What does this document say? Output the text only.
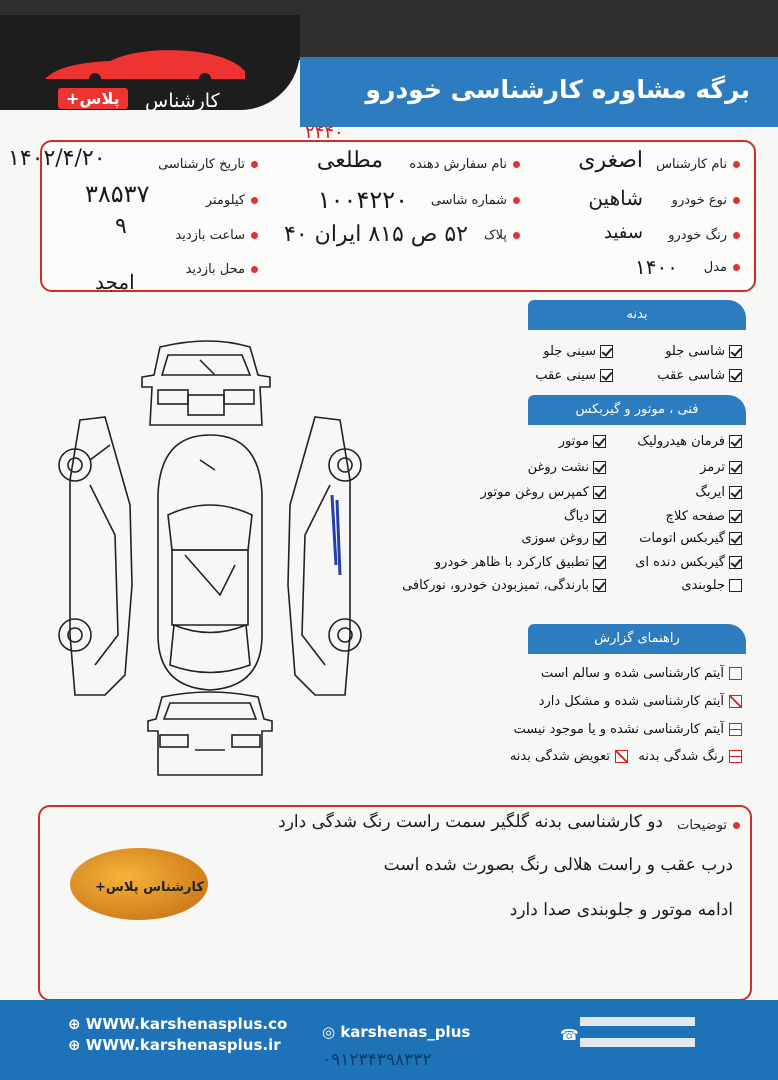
کارشناس
پلاس+	برگه مشاوره کارشناسی خودرو
نام کارشناس
نوع خودرو
رنگ خودرو
مدل
اصغری
شاهین
سفید
۱۴۰۰
نام سفارش دهنده
شماره شاسی
پلاک
۲۴۴۰
مطلعی
۱۰۰۴۲۲۰
۵۲ ص ۸۱۵ ایران ۴۰
تاریخ کارشناسی
کیلومتر
ساعت بازدید
محل بازدید
۱۴۰۲/۴/۲۰
۳۸۵۳۷
۹
امجد
بدنه
شاسی جلو
سینی جلو
شاسی عقب
سینی عقب
فنی ، موتور و گیربکس
فرمان هیدرولیک
موتور
ترمز
نشت روغن
ایربگ
کمپرس روغن موتور
صفحه کلاچ
دیاگ
گیربکس اتومات
روغن سوزی
گیربکس دنده ای
تطبیق کارکرد با ظاهر خودرو
جلوبندی
بارندگی، تمیزبودن خودرو، نورکافی
راهنمای گزارش
آیتم کارشناسی شده و سالم است
آیتم کارشناسی شده و مشکل دارد
آیتم کارشناسی نشده و یا موجود نیست
رنگ شدگی بدنه
تعویض شدگی بدنه
توضیحات
دو کارشناسی بدنه گلگیر سمت راست رنگ شدگی دارد
درب عقب و راست هلالی رنگ بصورت شده است
ادامه موتور و جلوبندی صدا دارد
کارشناس پلاس+
⊕ WWW.karshenasplus.co
⊕ WWW.karshenasplus.ir
◎ karshenas_plus	☎
۰۹۱۲۳۴۳۹۸۳۳۲
